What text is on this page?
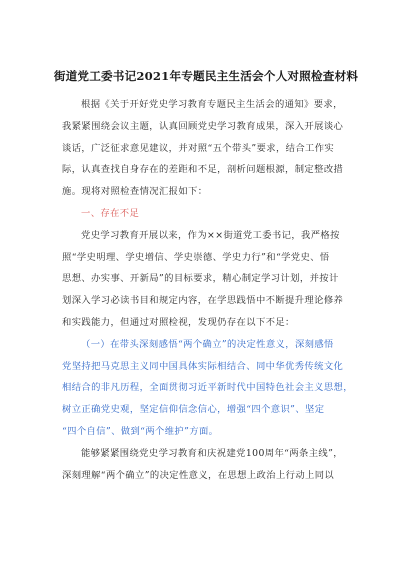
街道党工委书记2021年专题民主生活会个人对照检查材料
根据《关于开好党史学习教育专题民主生活会的通知》要求，
我紧紧围绕会议主题，认真回顾党史学习教育成果，深入开展谈心
谈话，广泛征求意见建议，并对照“五个带头”要求，结合工作实
际，认真查找自身存在的差距和不足，剖析问题根源，制定整改措
施。现将对照检查情况汇报如下：
一、存在不足
党史学习教育开展以来，作为××街道党工委书记，我严格按
照“学史明理、学史增信、学史崇德、学史力行”和“学党史、悟
思想、办实事、开新局”的目标要求，精心制定学习计划，并按计
划深入学习必读书目和规定内容，在学思践悟中不断提升理论修养
和实践能力，但通过对照检视，发现仍存在以下不足：
（一）在带头深刻感悟“两个确立”的决定性意义，深刻感悟
党坚持把马克思主义同中国具体实际相结合、同中华优秀传统文化
相结合的非凡历程，全面贯彻习近平新时代中国特色社会主义思想，
树立正确党史观，坚定信仰信念信心，增强“四个意识”、坚定
“四个自信”、做到“两个维护”方面。
能够紧紧围绕党史学习教育和庆祝建党100周年“两条主线”，
深刻理解“两个确立”的决定性意义，在思想上政治上行动上同以
